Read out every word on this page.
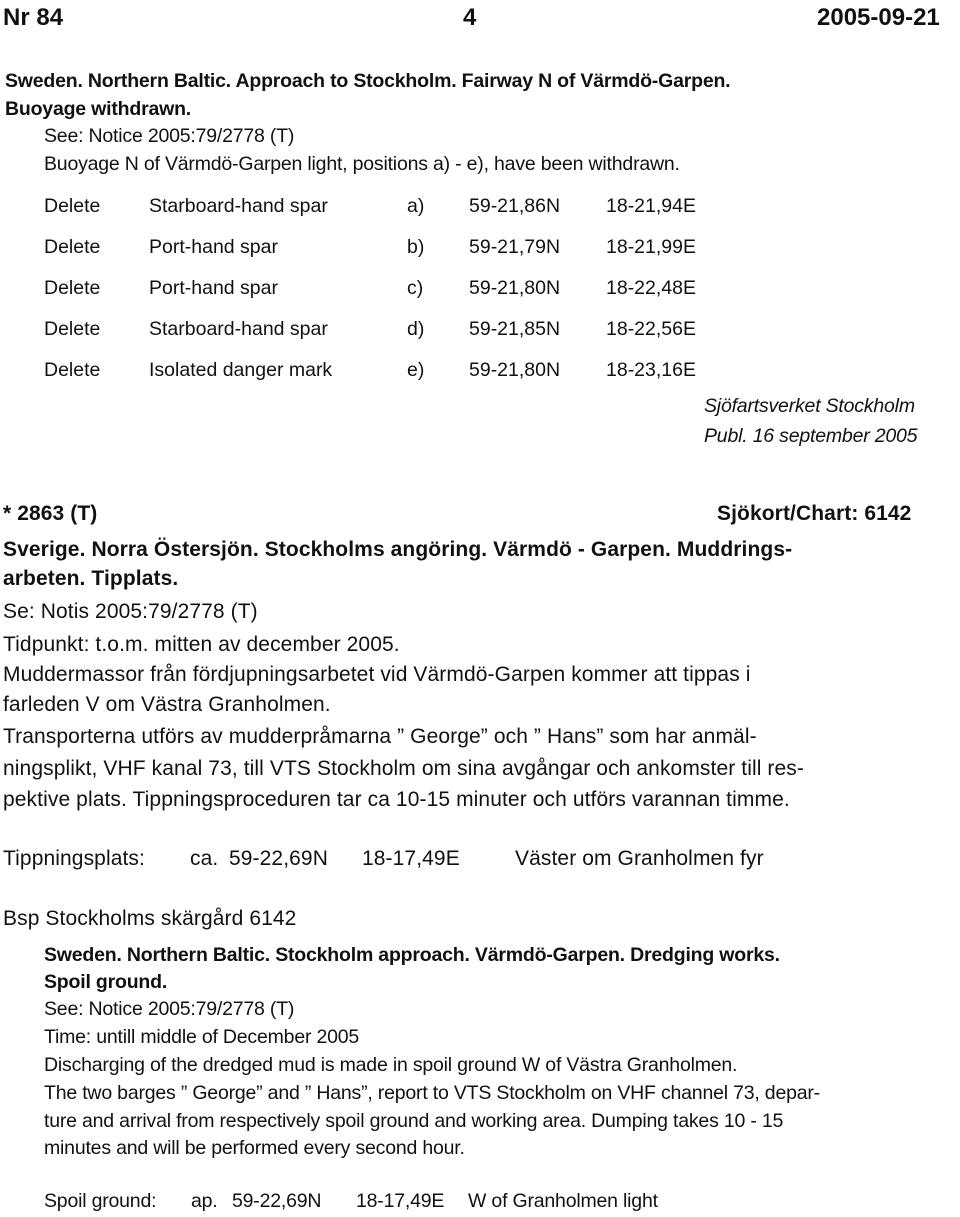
Nr 84	4	2005-09-21
Sweden. Northern Baltic. Approach to Stockholm. Fairway N of Värmdö-Garpen.
Buoyage withdrawn.
See: Notice 2005:79/2778 (T)
Buoyage N of Värmdö-Garpen light, positions a) - e), have been withdrawn.
Delete	Starboard-hand spar	a)	59-21,86N	18-21,94E
Delete	Port-hand spar	b)	59-21,79N	18-21,99E
Delete	Port-hand spar	c)	59-21,80N	18-22,48E
Delete	Starboard-hand spar	d)	59-21,85N	18-22,56E
Delete	Isolated danger mark	e)	59-21,80N	18-23,16E
Sjöfartsverket Stockholm
Publ. 16 september 2005
* 2863 (T)	Sjökort/Chart: 6142
Sverige. Norra Östersjön. Stockholms angöring. Värmdö - Garpen. Muddrings-
arbeten. Tipplats.
Se: Notis 2005:79/2778 (T)
Tidpunkt: t.o.m. mitten av december 2005.
Muddermassor från fördjupningsarbetet vid Värmdö-Garpen kommer att tippas i
farleden V om Västra Granholmen.
Transporterna utförs av mudderpråmarna ” George” och ” Hans” som har anmäl-
ningsplikt, VHF kanal 73, till VTS Stockholm om sina avgångar och ankomster till res-
pektive plats. Tippningsproceduren tar ca 10-15 minuter och utförs varannan timme.
Tippningsplats: ca. 59-22,69N 18-17,49E	Väster om Granholmen fyr
Bsp Stockholms skärgård 6142
Sweden. Northern Baltic. Stockholm approach. Värmdö-Garpen. Dredging works.
Spoil ground.
See: Notice 2005:79/2778 (T)
Time: untill middle of December 2005
Discharging of the dredged mud is made in spoil ground W of Västra Granholmen.
The two barges ” George” and ” Hans”, report to VTS Stockholm on VHF channel 73, depar-
ture and arrival from respectively spoil ground and working area. Dumping takes 10 - 15
minutes and will be performed every second hour.
Spoil ground: ap. 59-22,69N 18-17,49E W of Granholmen light
